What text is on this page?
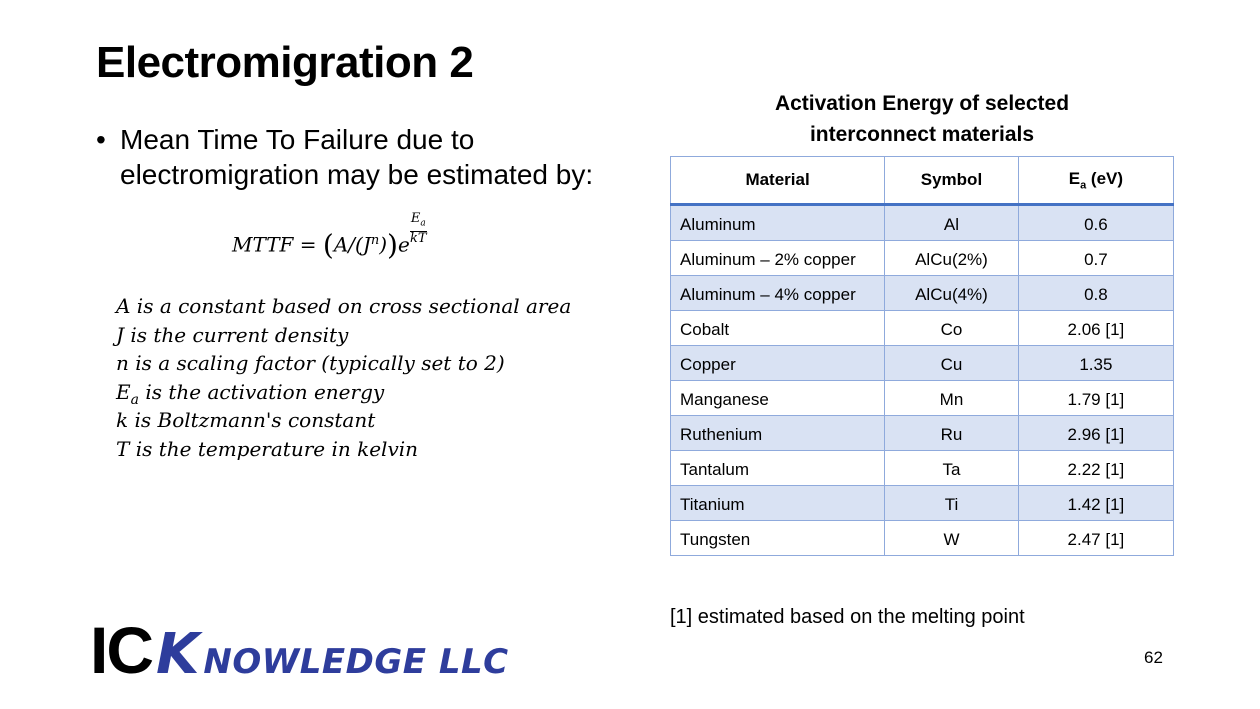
Electromigration 2
• Mean Time To Failure due to electromigration may be estimated by:
MTTF = $(A/(J^n))e \frac{E_a}{kT}$
A is a constant based on cross sectional area
J is the current density
n is a scaling factor (typically set to 2)
$E_a$ is the activation energy
k is Boltzmann's constant
T is the temperature in kelvin
Activation Energy of selected
interconnect materials
Material	Symbol	$E_a$ (eV)
Aluminum	Al	0.6
Aluminum – 2% copper	AlCu(2%)	0.7
Aluminum – 4% copper	AlCu(4%)	0.8
Cobalt	Co	2.06 [1]
Copper	Cu	1.35
Manganese	Mn	1.79 [1]
Ruthenium	Ru	2.96 [1]
Tantalum	Ta	2.22 [1]
Titanium	Ti	1.42 [1]
Tungsten	W	2.47 [1]
[1] estimated based on the melting point
ICK NOWLEDGE LLC	62
